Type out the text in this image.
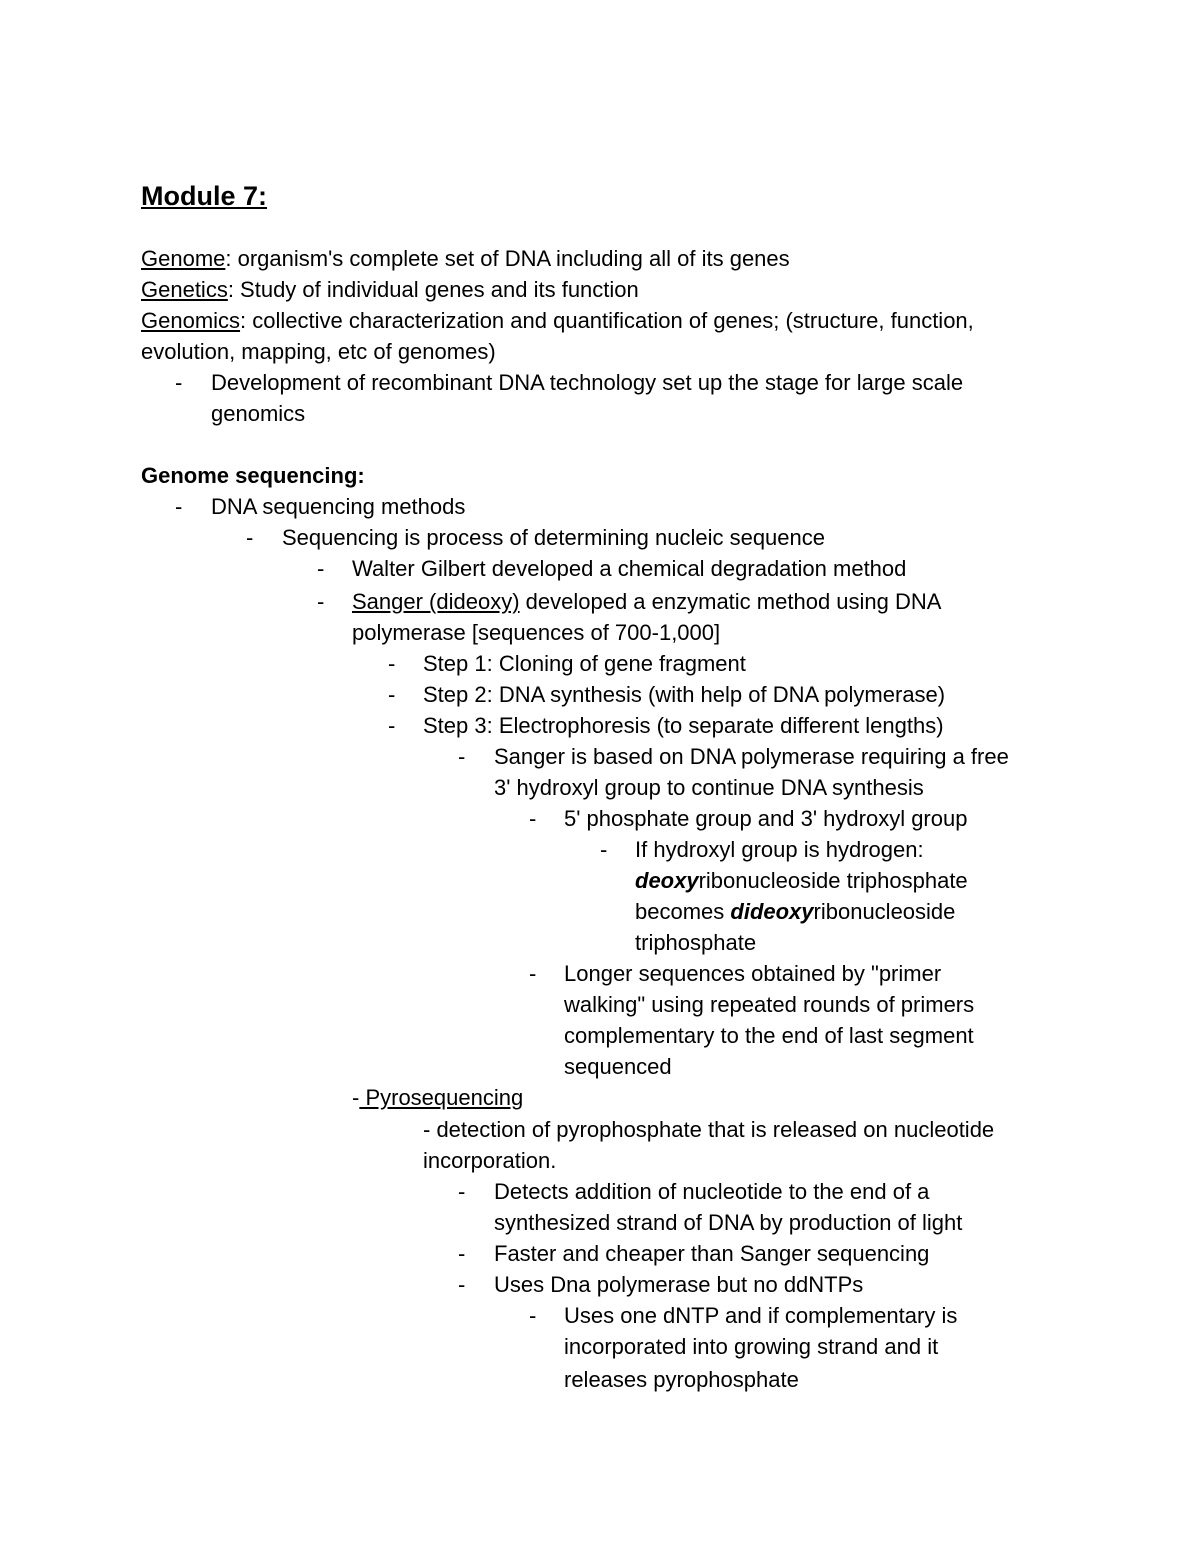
Module 7:
Genome: organism's complete set of DNA including all of its genes
Genetics: Study of individual genes and its function
Genomics: collective characterization and quantification of genes; (structure, function,
evolution, mapping, etc of genomes)
- Development of recombinant DNA technology set up the stage for large scale
genomics
Genome sequencing:
- DNA sequencing methods
- Sequencing is process of determining nucleic sequence
- Walter Gilbert developed a chemical degradation method
- Sanger (dideoxy) developed a enzymatic method using DNA
polymerase [sequences of 700-1,000]
- Step 1: Cloning of gene fragment
- Step 2: DNA synthesis (with help of DNA polymerase)
- Step 3: Electrophoresis (to separate different lengths)
- Sanger is based on DNA polymerase requiring a free
3' hydroxyl group to continue DNA synthesis
- 5' phosphate group and 3' hydroxyl group
- If hydroxyl group is hydrogen:
deoxyribonucleoside triphosphate
becomes dideoxyribonucleoside
triphosphate
- Longer sequences obtained by "primer
walking" using repeated rounds of primers
complementary to the end of last segment
sequenced
- Pyrosequencing
- detection of pyrophosphate that is released on nucleotide
incorporation.
- Detects addition of nucleotide to the end of a
synthesized strand of DNA by production of light
- Faster and cheaper than Sanger sequencing
- Uses Dna polymerase but no ddNTPs
- Uses one dNTP and if complementary is
incorporated into growing strand and it
releases pyrophosphate
